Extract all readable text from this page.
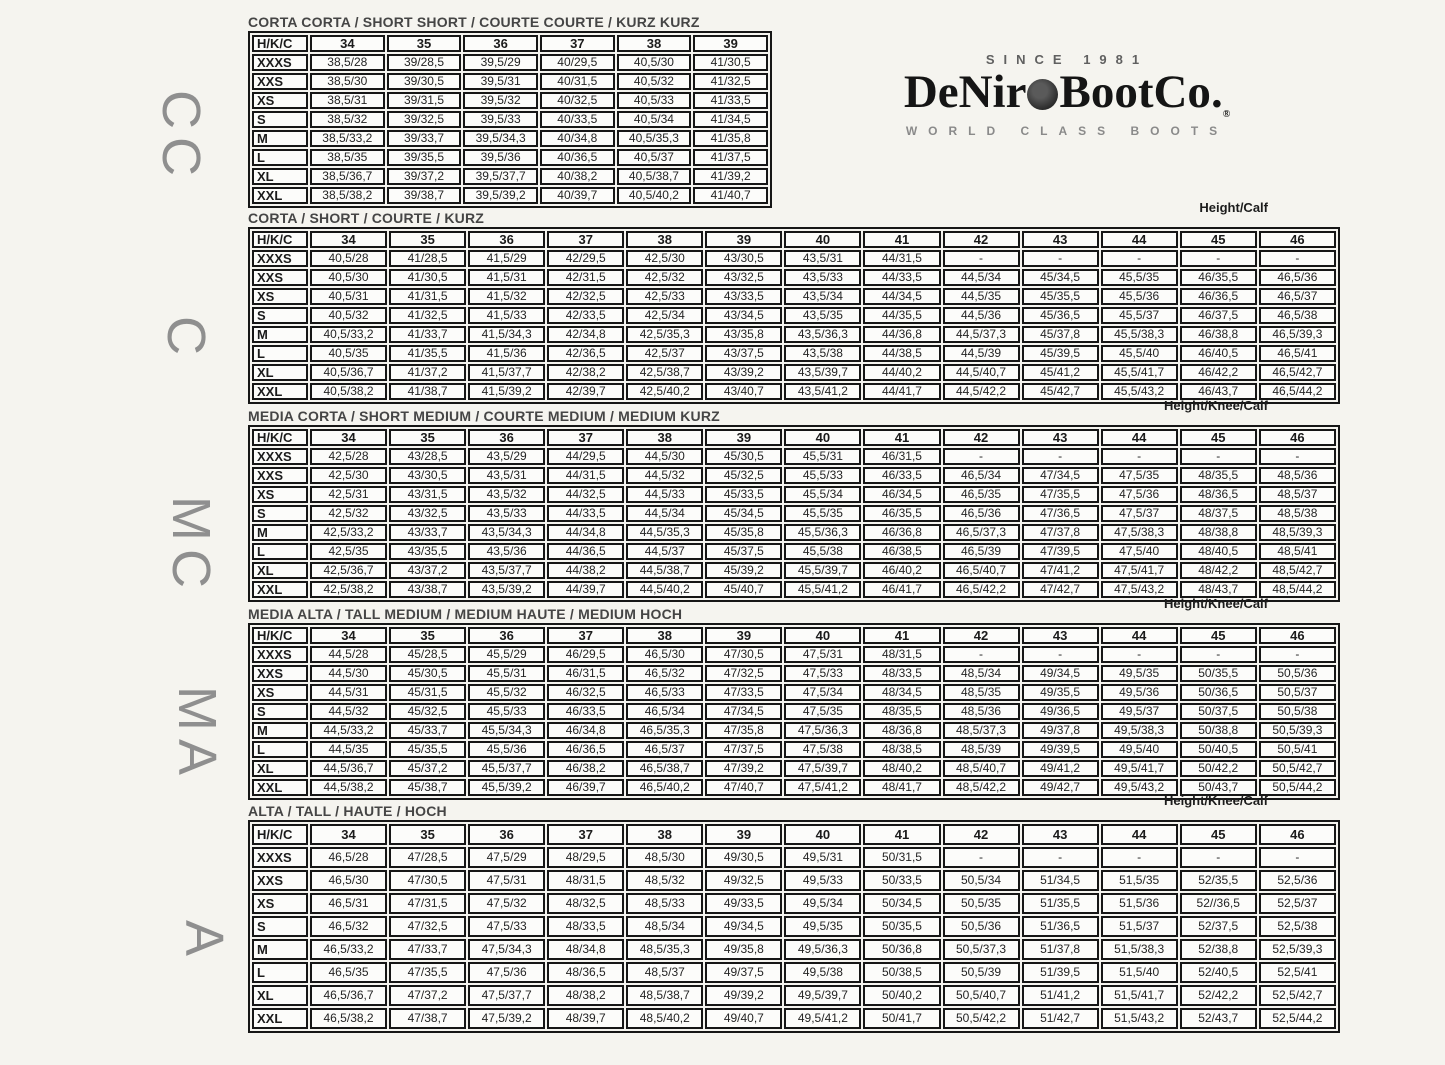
CC
C
MC
MA
A
SINCE 1981
DeNir $BootCo._®$
WORLD CLASS BOOTS
CORTA CORTA / SHORT SHORT / COURTE COURTE / KURZ KURZ
H/K/C	34	35	36	37	38	39
XXXS	38,5/28	39/28,5	39,5/29	40/29,5	40,5/30	41/30,5
XXS	38,5/30	39/30,5	39,5/31	40/31,5	40,5/32	41/32,5
XS	38,5/31	39/31,5	39,5/32	40/32,5	40,5/33	41/33,5
S	38,5/32	39/32,5	39,5/33	40/33,5	40,5/34	41/34,5
M	38,5/33,2	39/33,7	39,5/34,3	40/34,8	40,5/35,3	41/35,8
L	38,5/35	39/35,5	39,5/36	40/36,5	40,5/37	41/37,5
XL	38,5/36,7	39/37,2	39,5/37,7	40/38,2	40,5/38,7	41/39,2
XXL	38,5/38,2	39/38,7	39,5/39,2	40/39,7	40,5/40,2	41/40,7
CORTA / SHORT / COURTE / KURZ
Height/Calf
H/K/C	34	35	36	37	38	39	40	41	42	43	44	45	46
XXXS	40,5/28	41/28,5	41,5/29	42/29,5	42,5/30	43/30,5	43,5/31	44/31,5	-	-	-	-	-
XXS	40,5/30	41/30,5	41,5/31	42/31,5	42,5/32	43/32,5	43,5/33	44/33,5	44,5/34	45/34,5	45,5/35	46/35,5	46,5/36
XS	40,5/31	41/31,5	41,5/32	42/32,5	42,5/33	43/33,5	43,5/34	44/34,5	44,5/35	45/35,5	45,5/36	46/36,5	46,5/37
S	40,5/32	41/32,5	41,5/33	42/33,5	42,5/34	43/34,5	43,5/35	44/35,5	44,5/36	45/36,5	45,5/37	46/37,5	46,5/38
M	40,5/33,2	41/33,7	41,5/34,3	42/34,8	42,5/35,3	43/35,8	43,5/36,3	44/36,8	44,5/37,3	45/37,8	45,5/38,3	46/38,8	46,5/39,3
L	40,5/35	41/35,5	41,5/36	42/36,5	42,5/37	43/37,5	43,5/38	44/38,5	44,5/39	45/39,5	45,5/40	46/40,5	46,5/41
XL	40,5/36,7	41/37,2	41,5/37,7	42/38,2	42,5/38,7	43/39,2	43,5/39,7	44/40,2	44,5/40,7	45/41,2	45,5/41,7	46/42,2	46,5/42,7
XXL	40,5/38,2	41/38,7	41,5/39,2	42/39,7	42,5/40,2	43/40,7	43,5/41,2	44/41,7	44,5/42,2	45/42,7	45,5/43,2	46/43,7	46,5/44,2
MEDIA CORTA / SHORT MEDIUM / COURTE MEDIUM / MEDIUM KURZ
Height/Knee/Calf
H/K/C	34	35	36	37	38	39	40	41	42	43	44	45	46
XXXS	42,5/28	43/28,5	43,5/29	44/29,5	44,5/30	45/30,5	45,5/31	46/31,5	-	-	-	-	-
XXS	42,5/30	43/30,5	43,5/31	44/31,5	44,5/32	45/32,5	45,5/33	46/33,5	46,5/34	47/34,5	47,5/35	48/35,5	48,5/36
XS	42,5/31	43/31,5	43,5/32	44/32,5	44,5/33	45/33,5	45,5/34	46/34,5	46,5/35	47/35,5	47,5/36	48/36,5	48,5/37
S	42,5/32	43/32,5	43,5/33	44/33,5	44,5/34	45/34,5	45,5/35	46/35,5	46,5/36	47/36,5	47,5/37	48/37,5	48,5/38
M	42,5/33,2	43/33,7	43,5/34,3	44/34,8	44,5/35,3	45/35,8	45,5/36,3	46/36,8	46,5/37,3	47/37,8	47,5/38,3	48/38,8	48,5/39,3
L	42,5/35	43/35,5	43,5/36	44/36,5	44,5/37	45/37,5	45,5/38	46/38,5	46,5/39	47/39,5	47,5/40	48/40,5	48,5/41
XL	42,5/36,7	43/37,2	43,5/37,7	44/38,2	44,5/38,7	45/39,2	45,5/39,7	46/40,2	46,5/40,7	47/41,2	47,5/41,7	48/42,2	48,5/42,7
XXL	42,5/38,2	43/38,7	43,5/39,2	44/39,7	44,5/40,2	45/40,7	45,5/41,2	46/41,7	46,5/42,2	47/42,7	47,5/43,2	48/43,7	48,5/44,2
MEDIA ALTA / TALL MEDIUM / MEDIUM HAUTE / MEDIUM HOCH
Height/Knee/Calf
H/K/C	34	35	36	37	38	39	40	41	42	43	44	45	46
XXXS	44,5/28	45/28,5	45,5/29	46/29,5	46,5/30	47/30,5	47,5/31	48/31,5	-	-	-	-	-
XXS	44,5/30	45/30,5	45,5/31	46/31,5	46,5/32	47/32,5	47,5/33	48/33,5	48,5/34	49/34,5	49,5/35	50/35,5	50,5/36
XS	44,5/31	45/31,5	45,5/32	46/32,5	46,5/33	47/33,5	47,5/34	48/34,5	48,5/35	49/35,5	49,5/36	50/36,5	50,5/37
S	44,5/32	45/32,5	45,5/33	46/33,5	46,5/34	47/34,5	47,5/35	48/35,5	48,5/36	49/36,5	49,5/37	50/37,5	50,5/38
M	44,5/33,2	45/33,7	45,5/34,3	46/34,8	46,5/35,3	47/35,8	47,5/36,3	48/36,8	48,5/37,3	49/37,8	49,5/38,3	50/38,8	50,5/39,3
L	44,5/35	45/35,5	45,5/36	46/36,5	46,5/37	47/37,5	47,5/38	48/38,5	48,5/39	49/39,5	49,5/40	50/40,5	50,5/41
XL	44,5/36,7	45/37,2	45,5/37,7	46/38,2	46,5/38,7	47/39,2	47,5/39,7	48/40,2	48,5/40,7	49/41,2	49,5/41,7	50/42,2	50,5/42,7
XXL	44,5/38,2	45/38,7	45,5/39,2	46/39,7	46,5/40,2	47/40,7	47,5/41,2	48/41,7	48,5/42,2	49/42,7	49,5/43,2	50/43,7	50,5/44,2
ALTA / TALL / HAUTE / HOCH
Height/Knee/Calf
H/K/C	34	35	36	37	38	39	40	41	42	43	44	45	46
XXXS	46,5/28	47/28,5	47,5/29	48/29,5	48,5/30	49/30,5	49,5/31	50/31,5	-	-	-	-	-
XXS	46,5/30	47/30,5	47,5/31	48/31,5	48,5/32	49/32,5	49,5/33	50/33,5	50,5/34	51/34,5	51,5/35	52/35,5	52,5/36
XS	46,5/31	47/31,5	47,5/32	48/32,5	48,5/33	49/33,5	49,5/34	50/34,5	50,5/35	51/35,5	51,5/36	52//36,5	52,5/37
S	46,5/32	47/32,5	47,5/33	48/33,5	48,5/34	49/34,5	49,5/35	50/35,5	50,5/36	51/36,5	51,5/37	52/37,5	52,5/38
M	46,5/33,2	47/33,7	47,5/34,3	48/34,8	48,5/35,3	49/35,8	49,5/36,3	50/36,8	50,5/37,3	51/37,8	51,5/38,3	52/38,8	52,5/39,3
L	46,5/35	47/35,5	47,5/36	48/36,5	48,5/37	49/37,5	49,5/38	50/38,5	50,5/39	51/39,5	51,5/40	52/40,5	52,5/41
XL	46,5/36,7	47/37,2	47,5/37,7	48/38,2	48,5/38,7	49/39,2	49,5/39,7	50/40,2	50,5/40,7	51/41,2	51,5/41,7	52/42,2	52,5/42,7
XXL	46,5/38,2	47/38,7	47,5/39,2	48/39,7	48,5/40,2	49/40,7	49,5/41,2	50/41,7	50,5/42,2	51/42,7	51,5/43,2	52/43,7	52,5/44,2
